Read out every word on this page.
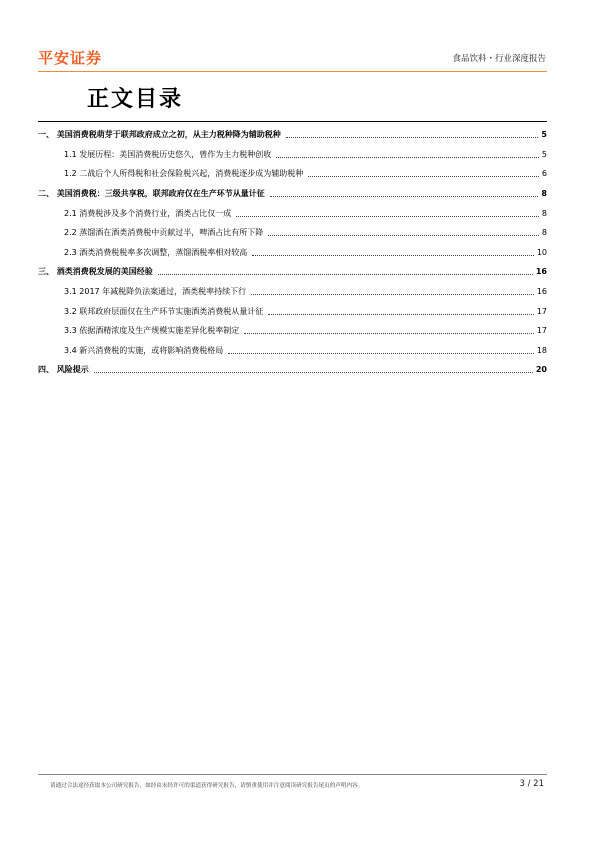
平安证券	食品饮料・行业深度报告
正文目录
一、 美国消费税萌芽于联邦政府成立之初，从主力税种降为辅助税种	5
1.1 发展历程：美国消费税历史悠久，曾作为主力税种创收	5
1.2 二战后个人所得税和社会保险税兴起，消费税逐步成为辅助税种	6
二、 美国消费税：三级共享税，联邦政府仅在生产环节从量计征	8
2.1 消费税涉及多个消费行业，酒类占比仅一成	8
2.2 蒸馏酒在酒类消费税中贡献过半，啤酒占比有所下降	8
2.3 酒类消费税税率多次调整，蒸馏酒税率相对较高	10
三、 酒类消费税发展的美国经验	16
3.1 2017 年减税降负法案通过，酒类税率持续下行	16
3.2 联邦政府层面仅在生产环节实施酒类消费税从量计征	17
3.3 依据酒精浓度及生产规模实施差异化税率制定	17
3.4 新兴消费税的实施，或将影响消费税格局	18
四、 风险提示	20
请通过合法途径获取本公司研究报告，如经由未经许可的渠道获得研究报告，请慎重使用并注意阅读研究报告尾页的声明内容。	3 / 21
